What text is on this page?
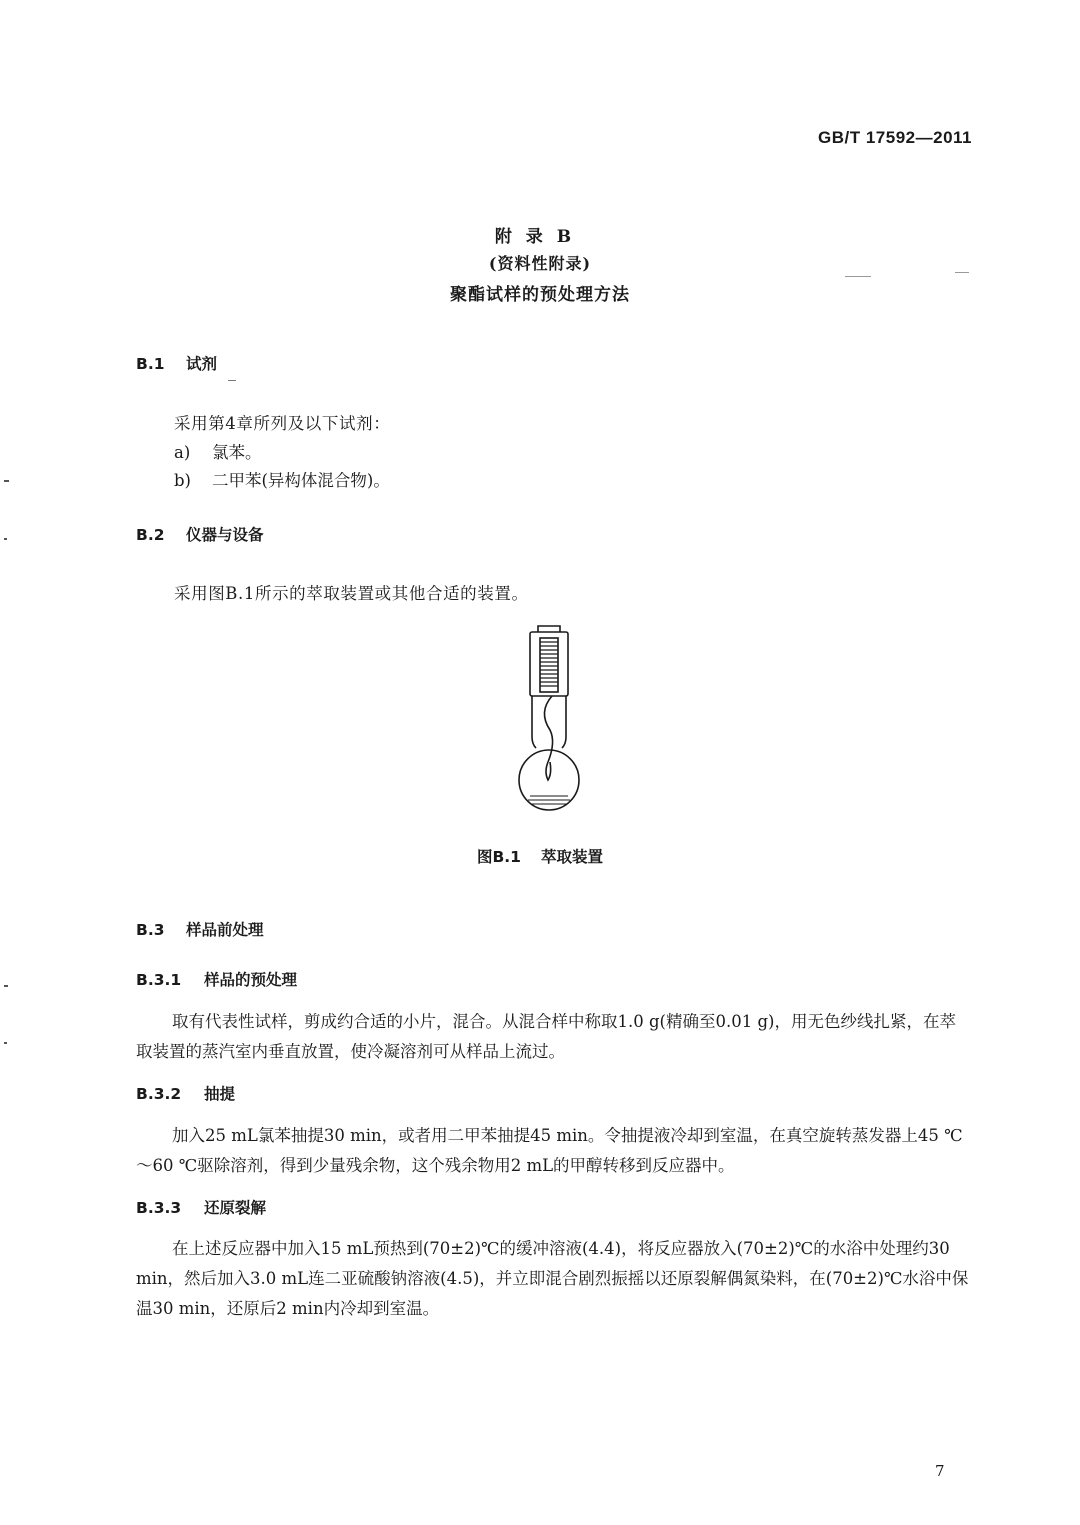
GB/T 17592—2011
附录B
(资料性附录)
聚酯试样的预处理方法
B.1 试剂
采用第4章所列及以下试剂：
a) 氯苯。
b) 二甲苯(异构体混合物)。
B.2 仪器与设备
采用图B.1所示的萃取装置或其他合适的装置。
图B.1 萃取装置
B.3 样品前处理
B.3.1 样品的预处理
取有代表性试样，剪成约合适的小片，混合。从混合样中称取1.0 g(精确至0.01 g)，用无色纱线扎紧，在萃取装置的蒸汽室内垂直放置，使冷凝溶剂可从样品上流过。
B.3.2 抽提
加入25 mL氯苯抽提30 min，或者用二甲苯抽提45 min。令抽提液冷却到室温，在真空旋转蒸发器上45 ℃～60 ℃驱除溶剂，得到少量残余物，这个残余物用2 mL的甲醇转移到反应器中。
B.3.3 还原裂解
在上述反应器中加入15 mL预热到(70±2)℃的缓冲溶液(4.4)，将反应器放入(70±2)℃的水浴中处理约30 min，然后加入3.0 mL连二亚硫酸钠溶液(4.5)，并立即混合剧烈振摇以还原裂解偶氮染料，在(70±2)℃水浴中保温30 min，还原后2 min内冷却到室温。
7
